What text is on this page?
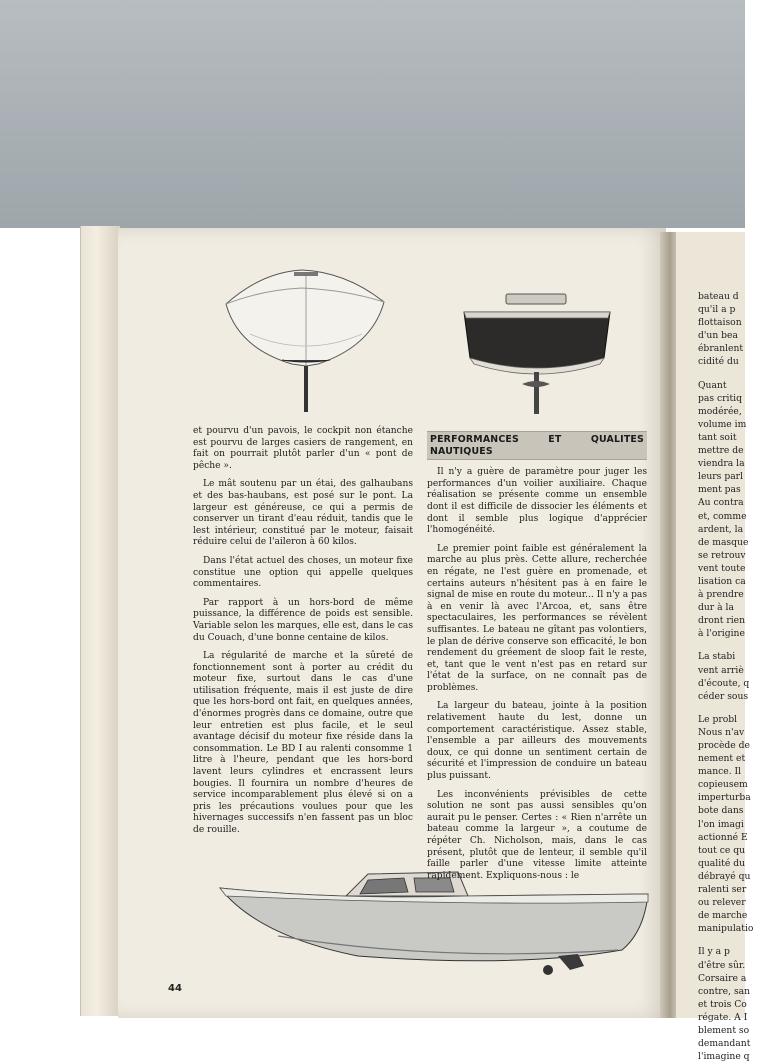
et pourvu d'un pavois, le cockpit non étanche est pourvu de larges casiers de rangement, en fait on pourrait plutôt parler d'un « pont de pêche ».

Le mât soutenu par un étai, des galhaubans et des bas-haubans, est posé sur le pont. La largeur est généreuse, ce qui a permis de conserver un tirant d'eau réduit, tandis que le lest intérieur, constitué par le moteur, faisait réduire celui de l'aileron à 60 kilos.

Dans l'état actuel des choses, un moteur fixe constitue une option qui appelle quelques commentaires.

Par rapport à un hors-bord de même puissance, la différence de poids est sensible. Variable selon les marques, elle est, dans le cas du Couach, d'une bonne centaine de kilos.

La régularité de marche et la sûreté de fonctionnement sont à porter au crédit du moteur fixe, surtout dans le cas d'une utilisation fréquente, mais il est juste de dire que les hors-bord ont fait, en quelques années, d'énormes progrès dans ce domaine, outre que leur entretien est plus facile, et le seul avantage décisif du moteur fixe réside dans la consommation. Le BD I au ralenti consomme 1 litre à l'heure, pendant que les hors-bord lavent leurs cylindres et encrassent leurs bougies. Il fournira un nombre d'heures de service incomparablement plus élevé si on a pris les précautions voulues pour que les hivernages successifs n'en fassent pas un bloc de rouille.

PERFORMANCES ET QUALITES NAUTIQUES

Il n'y a guère de paramètre pour juger les performances d'un voilier auxiliaire. Chaque réalisation se présente comme un ensemble dont il est difficile de dissocier les éléments et dont il semble plus logique d'apprécier l'homogénéité.

Le premier point faible est généralement la marche au plus près. Cette allure, recherchée en régate, ne l'est guère en promenade, et certains auteurs n'hésitent pas à en faire le signal de mise en route du moteur... Il n'y a pas à en venir là avec l'Arcoa, et, sans être spectaculaires, les performances se révèlent suffisantes. Le bateau ne gîtant pas volontiers, le plan de dérive conserve son efficacité, le bon rendement du gréement de sloop fait le reste, et, tant que le vent n'est pas en retard sur l'état de la surface, on ne connaît pas de problèmes.

La largeur du bateau, jointe à la position relativement haute du lest, donne un comportement caractéristique. Assez stable, l'ensemble a par ailleurs des mouvements doux, ce qui donne un sentiment certain de sécurité et l'impression de conduire un bateau plus puissant.

Les inconvénients prévisibles de cette solution ne sont pas aussi sensibles qu'on aurait pu le penser. Certes : « Rien n'arrête un bateau comme la largeur », a coutume de répéter Ch. Nicholson, mais, dans le cas présent, plutôt que de lenteur, il semble qu'il faille parler d'une vitesse limite atteinte rapidement. Expliquons-nous : le

44

bateau d

qu'il a p

flottaison

d'un bea

ébranlent

cidité du

Quant

pas critiq

modérée,

volume im

tant soit

mettre de

viendra la

leurs parl

ment pas

Au contra

et, comme

ardent, la

de masque

se retrouv

vent toute

lisation ca

à prendre

dur à la

dront rien

à l'origine

La stabi

vent arriè

d'écoute, q

céder sous

Le probl

Nous n'av

procède de

nement et

mance. Il

copieusem

imperturba

bote dans

l'on imagi

actionné E

tout ce qu

qualité du

débrayé qu

ralenti ser

ou relever

de marche

manipulatio

Il y a p

d'être sûr.

Corsaire a

contre, san

et trois Co

régate. A I

blement so

demandant

l'imagine q
